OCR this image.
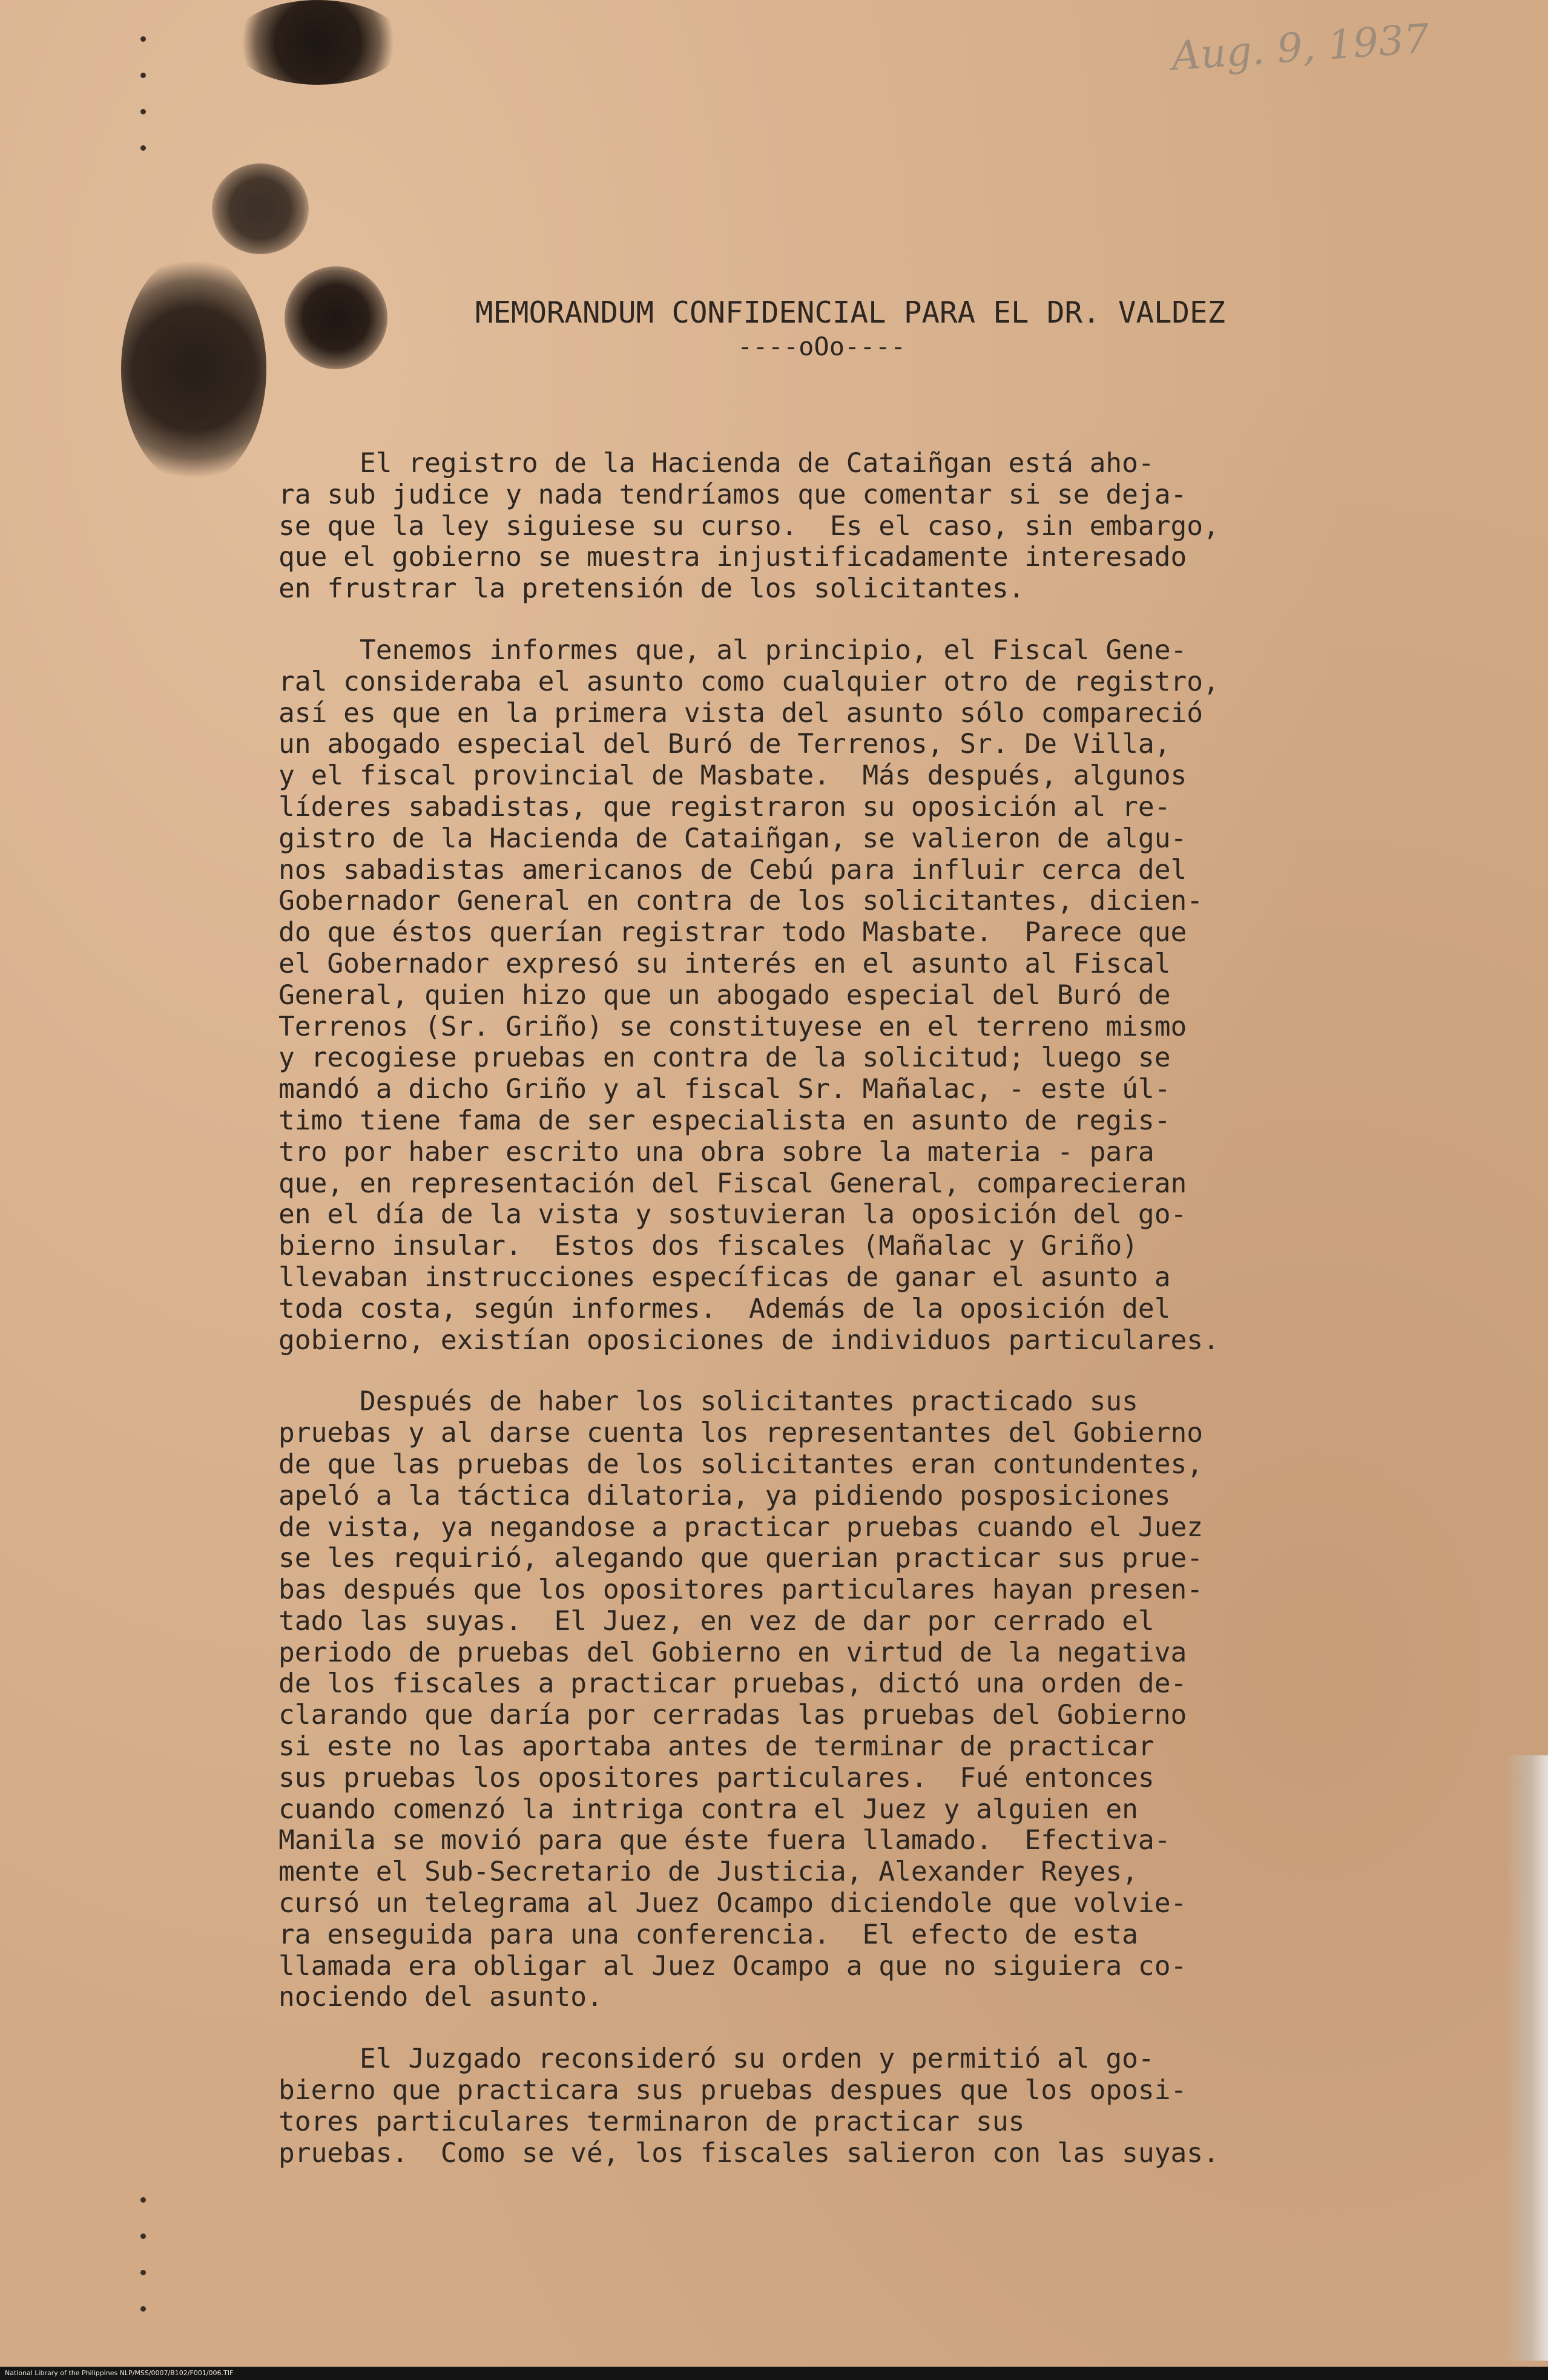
Aug. 9, 1937
MEMORANDUM CONFIDENCIAL PARA EL DR. VALDEZ
----oOo----
El registro de la Hacienda de Cataiñgan está aho-
ra sub judice y nada tendríamos que comentar si se deja-
se que la ley siguiese su curso.  Es el caso, sin embargo,
que el gobierno se muestra injustificadamente interesado
en frustrar la pretensión de los solicitantes.
Tenemos informes que, al principio, el Fiscal Gene-
ral consideraba el asunto como cualquier otro de registro,
así es que en la primera vista del asunto sólo compareció
un abogado especial del Buró de Terrenos, Sr. De Villa,
y el fiscal provincial de Masbate.  Más después, algunos
líderes sabadistas, que registraron su oposición al re-
gistro de la Hacienda de Cataiñgan, se valieron de algu-
nos sabadistas americanos de Cebú para influir cerca del
Gobernador General en contra de los solicitantes, dicien-
do que éstos querían registrar todo Masbate.  Parece que
el Gobernador expresó su interés en el asunto al Fiscal
General, quien hizo que un abogado especial del Buró de
Terrenos (Sr. Griño) se constituyese en el terreno mismo
y recogiese pruebas en contra de la solicitud; luego se
mandó a dicho Griño y al fiscal Sr. Mañalac, - este úl-
timo tiene fama de ser especialista en asunto de regis-
tro por haber escrito una obra sobre la materia - para
que, en representación del Fiscal General, comparecieran
en el día de la vista y sostuvieran la oposición del go-
bierno insular.  Estos dos fiscales (Mañalac y Griño)
llevaban instrucciones específicas de ganar el asunto a
toda costa, según informes.  Además de la oposición del
gobierno, existían oposiciones de individuos particulares.
Después de haber los solicitantes practicado sus
pruebas y al darse cuenta los representantes del Gobierno
de que las pruebas de los solicitantes eran contundentes,
apeló a la táctica dilatoria, ya pidiendo posposiciones
de vista, ya negandose a practicar pruebas cuando el Juez
se les requirió, alegando que querian practicar sus prue-
bas después que los opositores particulares hayan presen-
tado las suyas.  El Juez, en vez de dar por cerrado el
periodo de pruebas del Gobierno en virtud de la negativa
de los fiscales a practicar pruebas, dictó una orden de-
clarando que daría por cerradas las pruebas del Gobierno
si este no las aportaba antes de terminar de practicar
sus pruebas los opositores particulares.  Fué entonces
cuando comenzó la intriga contra el Juez y alguien en
Manila se movió para que éste fuera llamado.  Efectiva-
mente el Sub-Secretario de Justicia, Alexander Reyes,
cursó un telegrama al Juez Ocampo diciendole que volvie-
ra enseguida para una conferencia.  El efecto de esta
llamada era obligar al Juez Ocampo a que no siguiera co-
nociendo del asunto.
El Juzgado reconsideró su orden y permitió al go-
bierno que practicara sus pruebas despues que los oposi-
tores particulares terminaron de practicar sus
pruebas.  Como se vé, los fiscales salieron con las suyas.
National Library of the Philippines NLP/MSS/0007/B102/F001/006.TIF
